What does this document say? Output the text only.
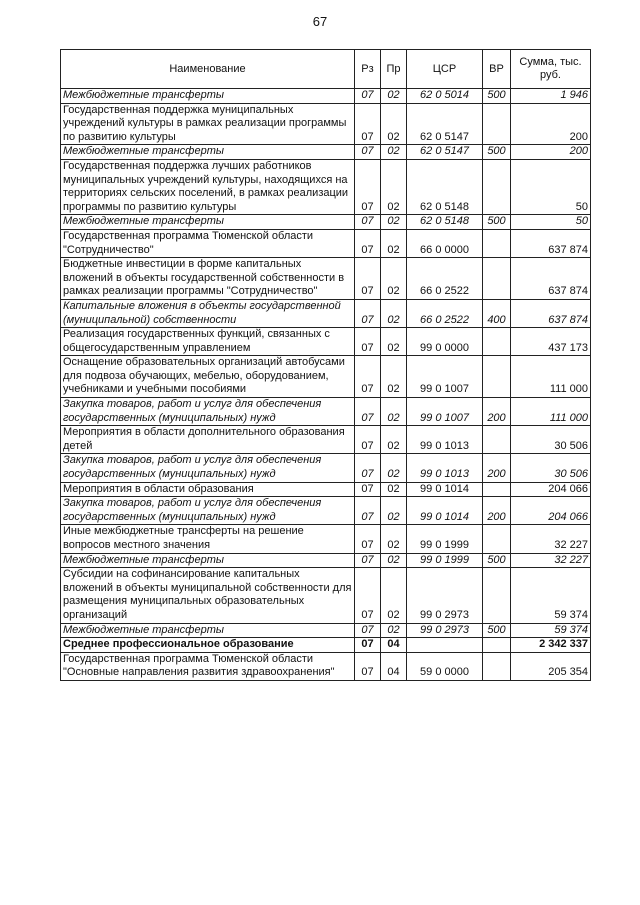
67
Наименование	Рз	Пр	ЦСР	ВР	Сумма, тыс. руб.
Межбюджетные трансферты	07	02	62 0 5014	500	1 946
Государственная поддержка муниципальных учреждений культуры в рамках реализации программы по развитию культуры	07	02	62 0 5147		200
Межбюджетные трансферты	07	02	62 0 5147	500	200
Государственная поддержка лучших работников муниципальных учреждений культуры, находящихся на территориях сельских поселений, в рамках реализации программы по развитию культуры	07	02	62 0 5148		50
Межбюджетные трансферты	07	02	62 0 5148	500	50
Государственная программа Тюменской области "Сотрудничество"	07	02	66 0 0000		637 874
Бюджетные инвестиции в форме капитальных вложений в объекты государственной собственности в рамках реализации программы "Сотрудничество"	07	02	66 0 2522		637 874
Капитальные вложения в объекты государственной (муниципальной) собственности	07	02	66 0 2522	400	637 874
Реализация государственных функций, связанных с общегосударственным управлением	07	02	99 0 0000		437 173
Оснащение образовательных организаций автобусами для подвоза обучающих, мебелью, оборудованием, учебниками и учебными пособиями	07	02	99 0 1007		111 000
Закупка товаров, работ и услуг для обеспечения государственных (муниципальных) нужд	07	02	99 0 1007	200	111 000
Мероприятия в области дополнительного образования детей	07	02	99 0 1013		30 506
Закупка товаров, работ и услуг для обеспечения государственных (муниципальных) нужд	07	02	99 0 1013	200	30 506
Мероприятия в области образования	07	02	99 0 1014		204 066
Закупка товаров, работ и услуг для обеспечения государственных (муниципальных) нужд	07	02	99 0 1014	200	204 066
Иные межбюджетные трансферты на решение вопросов местного значения	07	02	99 0 1999		32 227
Межбюджетные трансферты	07	02	99 0 1999	500	32 227
Субсидии на софинансирование капитальных вложений в объекты муниципальной собственности для размещения муниципальных образовательных организаций	07	02	99 0 2973		59 374
Межбюджетные трансферты	07	02	99 0 2973	500	59 374
Среднее профессиональное образование	07	04			2 342 337
Государственная программа Тюменской области "Основные направления развития здравоохранения"	07	04	59 0 0000		205 354
